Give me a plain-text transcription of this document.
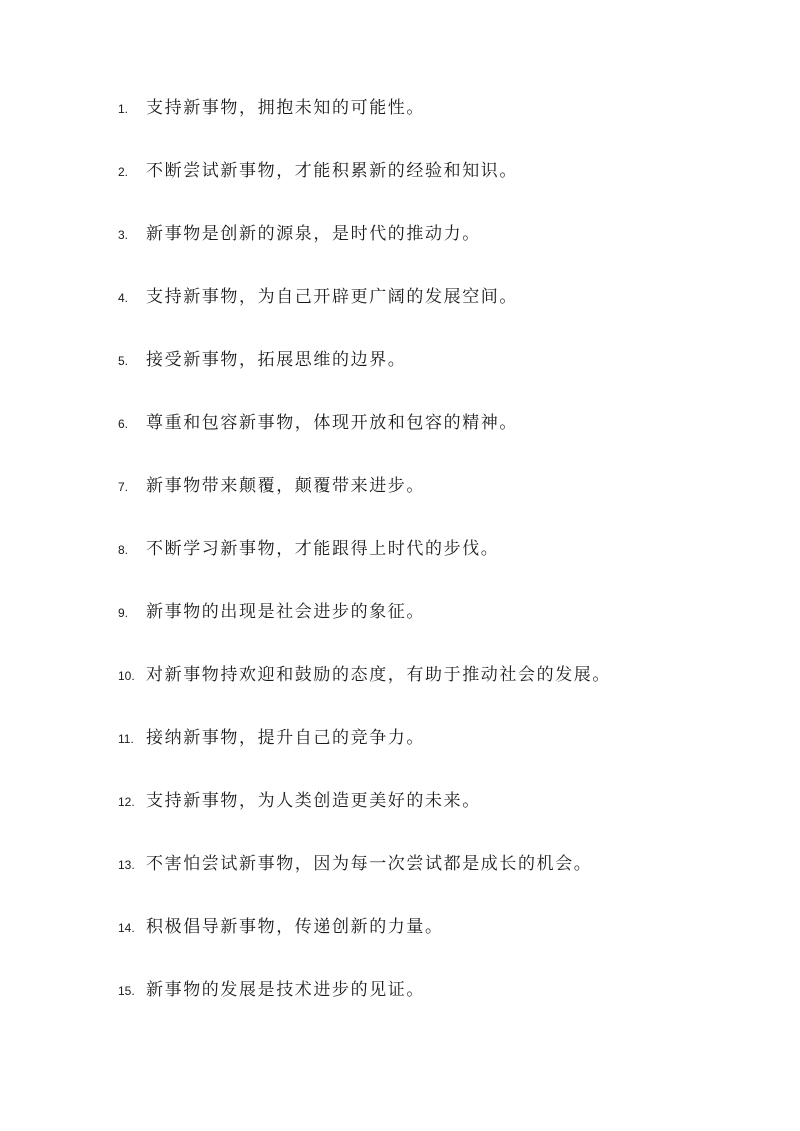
1. 支持新事物，拥抱未知的可能性。
2. 不断尝试新事物，才能积累新的经验和知识。
3. 新事物是创新的源泉，是时代的推动力。
4. 支持新事物，为自己开辟更广阔的发展空间。
5. 接受新事物，拓展思维的边界。
6. 尊重和包容新事物，体现开放和包容的精神。
7. 新事物带来颠覆，颠覆带来进步。
8. 不断学习新事物，才能跟得上时代的步伐。
9. 新事物的出现是社会进步的象征。
10. 对新事物持欢迎和鼓励的态度，有助于推动社会的发展。
11. 接纳新事物，提升自己的竞争力。
12. 支持新事物，为人类创造更美好的未来。
13. 不害怕尝试新事物，因为每一次尝试都是成长的机会。
14. 积极倡导新事物，传递创新的力量。
15. 新事物的发展是技术进步的见证。
